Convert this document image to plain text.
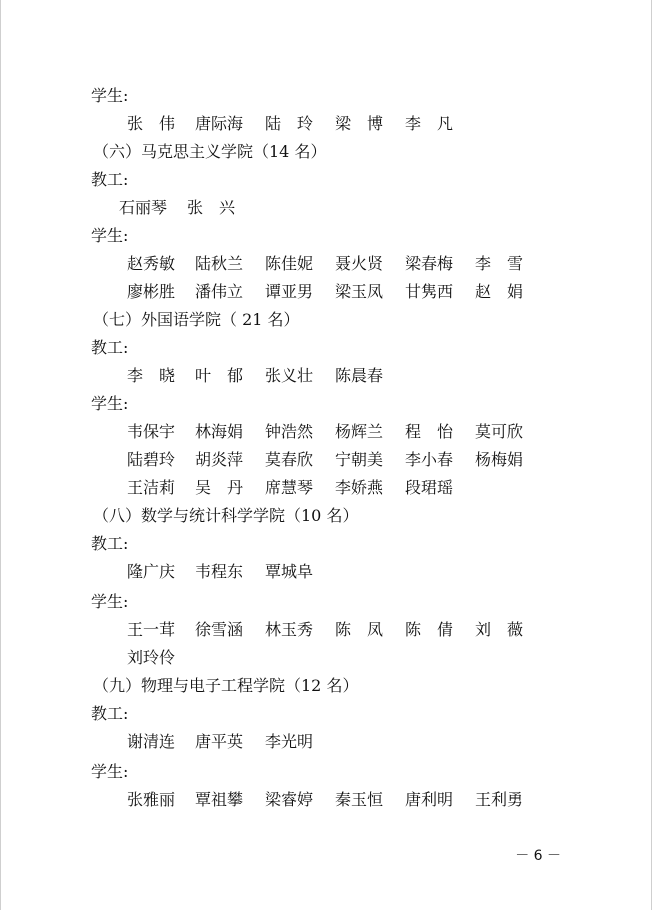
学生:
张　伟 唐际海 陆　玲 梁　博 李　凡
（六）马克思主义学院（14 名）
教工:
石丽琴 张　兴
学生:
赵秀敏 陆秋兰 陈佳妮 聂火贤 梁春梅 李　雪
廖彬胜 潘伟立 谭亚男 梁玉凤 甘隽西 赵　娟
（七）外国语学院（ 21 名）
教工:
李　晓 叶　郁 张义壮 陈晨春
学生:
韦保宇 林海娟 钟浩然 杨辉兰 程　怡 莫可欣
陆碧玲 胡炎萍 莫春欣 宁朝美 李小春 杨梅娟
王洁莉 吴　丹 席慧琴 李娇燕 段珺瑶
（八）数学与统计科学学院（10 名）
教工:
隆广庆 韦程东 覃城阜
学生:
王一茸 徐雪涵 林玉秀 陈　凤 陈　倩 刘　薇
刘玲伶
（九）物理与电子工程学院（12 名）
教工:
谢清连 唐平英 李光明
学生:
张雅丽 覃祖攀 梁睿婷 秦玉恒 唐利明 王利勇
－ 6 －
